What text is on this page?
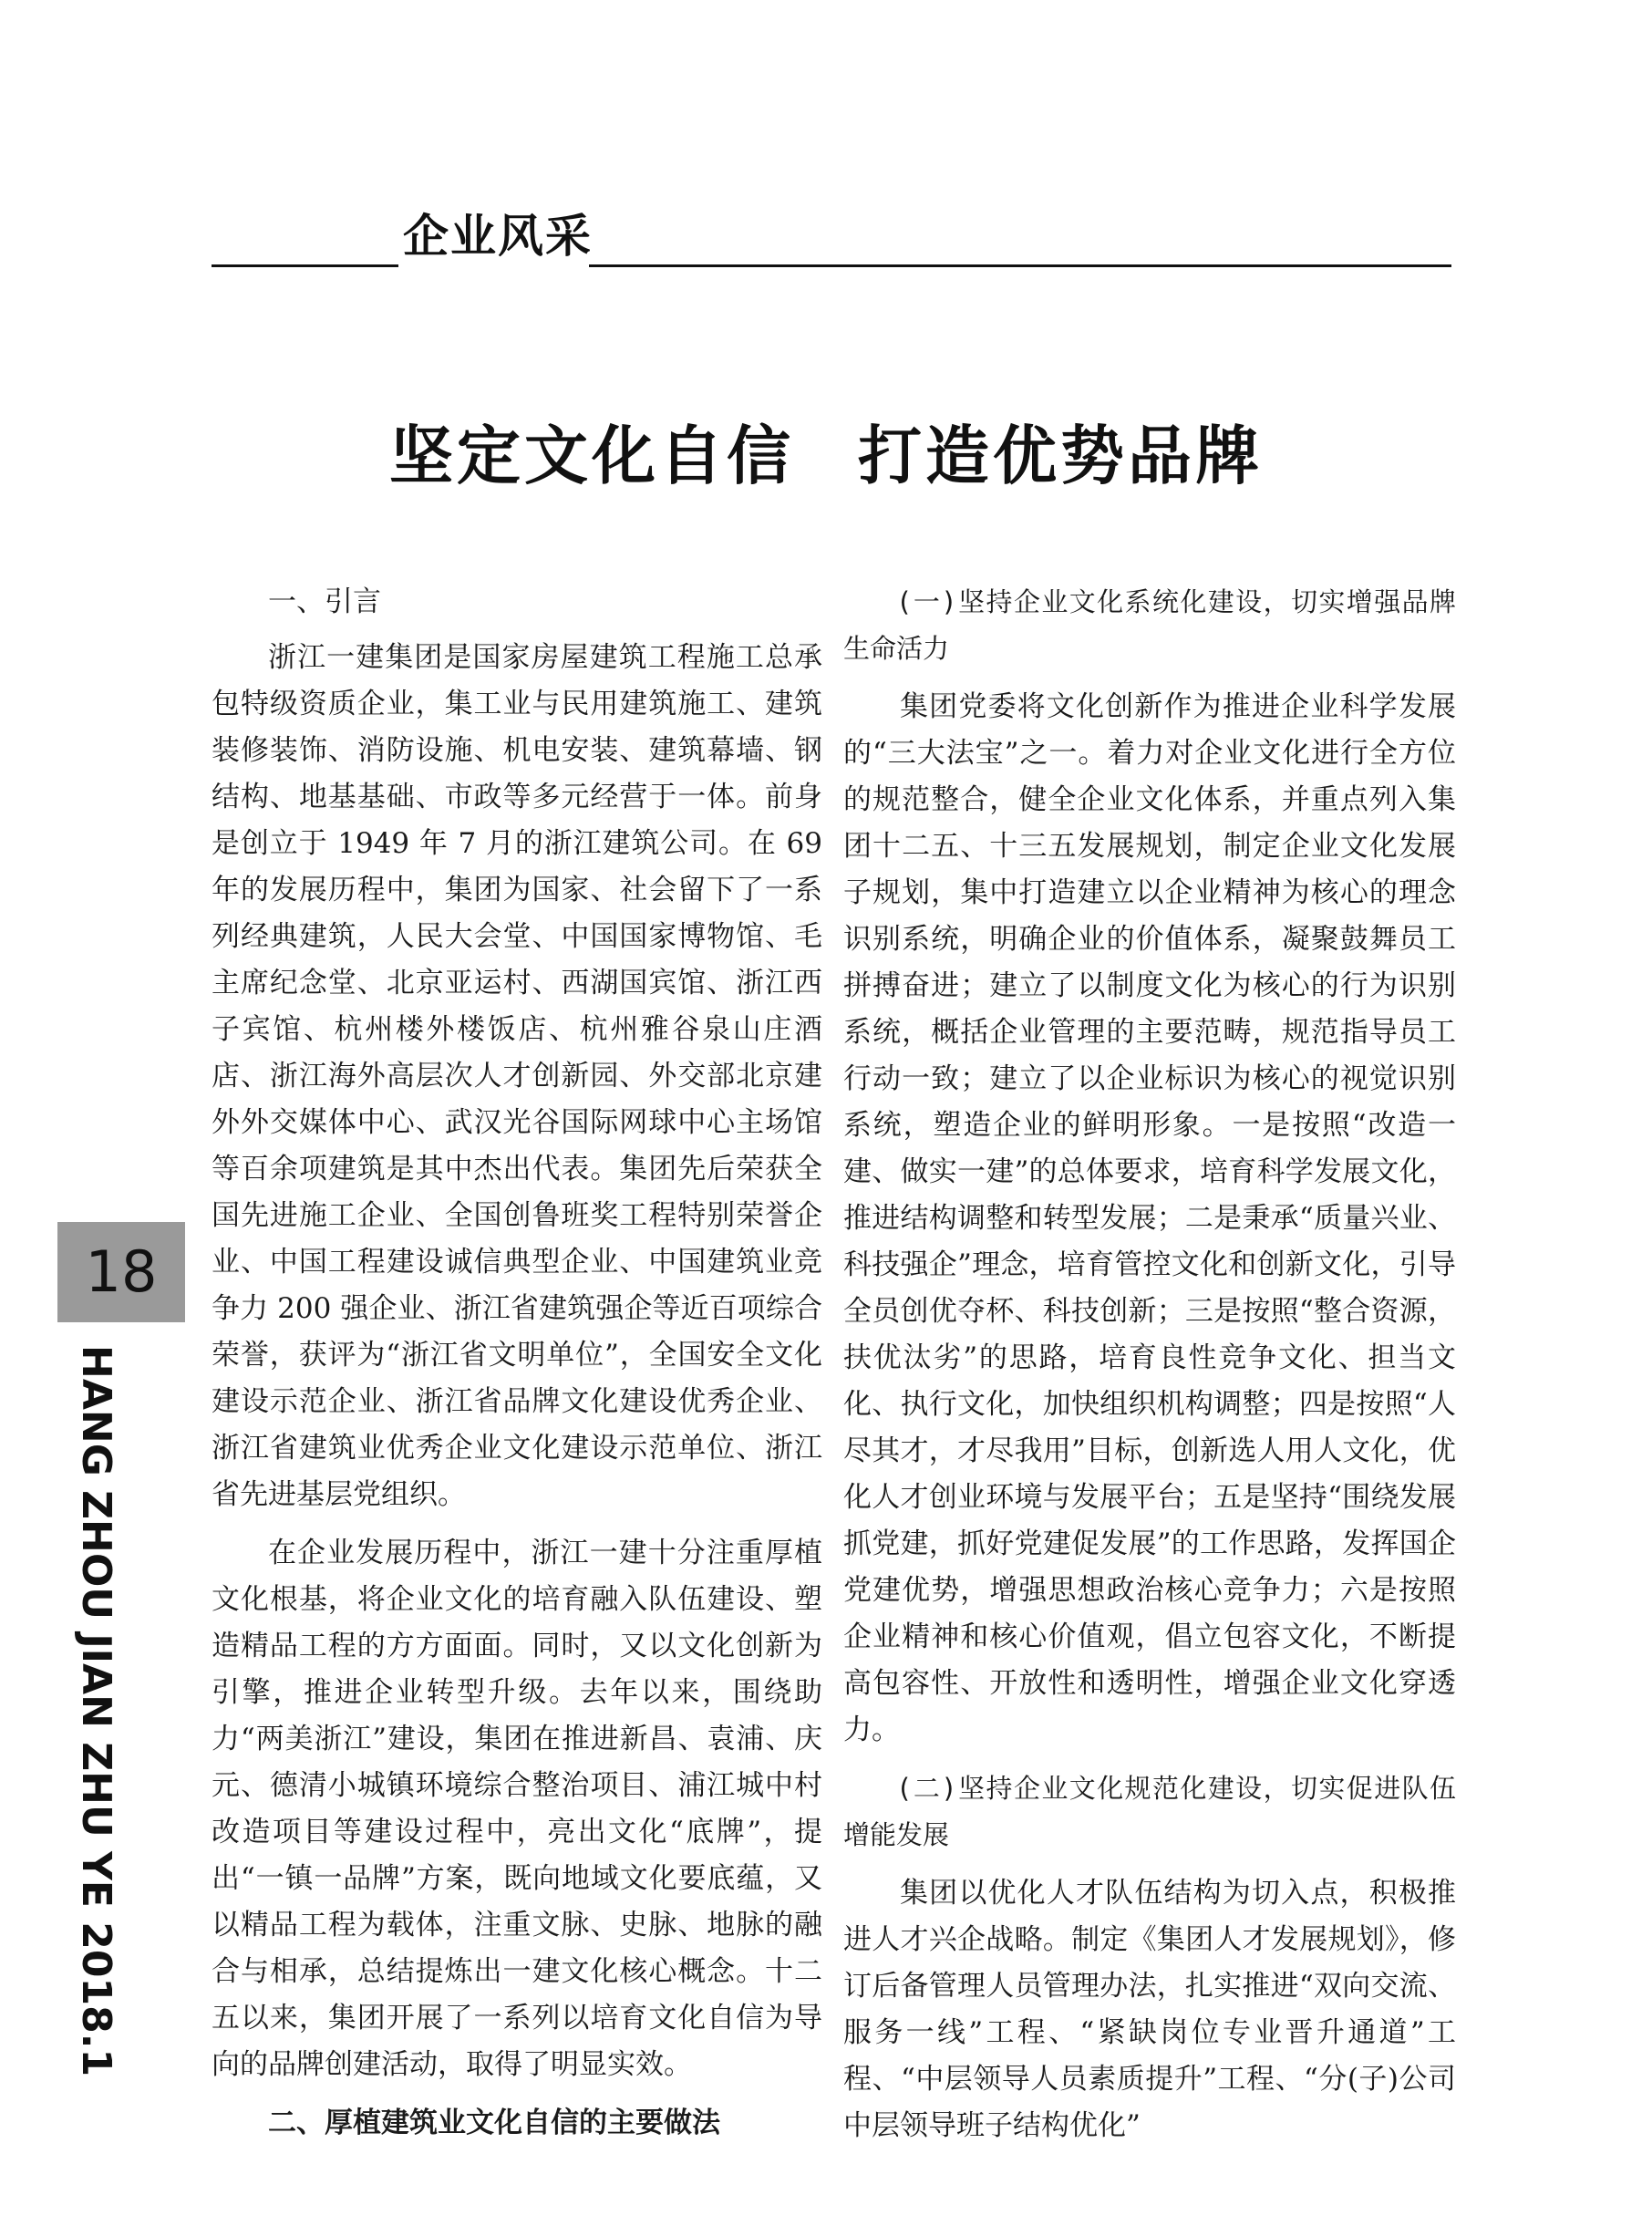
企业风采
坚定文化自信 打造优势品牌
一、引言

浙江一建集团是国家房屋建筑工程施工总承包特级资质企业，集工业与民用建筑施工、建筑装修装饰、消防设施、机电安装、建筑幕墙、钢结构、地基基础、市政等多元经营于一体。前身是创立于 1949 年 7 月的浙江建筑公司。在 69 年的发展历程中，集团为国家、社会留下了一系列经典建筑，人民大会堂、中国国家博物馆、毛主席纪念堂、北京亚运村、西湖国宾馆、浙江西子宾馆、杭州楼外楼饭店、杭州雅谷泉山庄酒店、浙江海外高层次人才创新园、外交部北京建外外交媒体中心、武汉光谷国际网球中心主场馆等百余项建筑是其中杰出代表。集团先后荣获全国先进施工企业、全国创鲁班奖工程特别荣誉企业、中国工程建设诚信典型企业、中国建筑业竞争力 200 强企业、浙江省建筑强企等近百项综合荣誉，获评为“浙江省文明单位”，全国安全文化建设示范企业、浙江省品牌文化建设优秀企业、浙江省建筑业优秀企业文化建设示范单位、浙江省先进基层党组织。

在企业发展历程中，浙江一建十分注重厚植文化根基，将企业文化的培育融入队伍建设、塑造精品工程的方方面面。同时，又以文化创新为引擎，推进企业转型升级。去年以来，围绕助力“两美浙江”建设，集团在推进新昌、袁浦、庆元、德清小城镇环境综合整治项目、浦江城中村改造项目等建设过程中，亮出文化“底牌”，提出“一镇一品牌”方案，既向地域文化要底蕴，又以精品工程为载体，注重文脉、史脉、地脉的融合与相承，总结提炼出一建文化核心概念。十二五以来，集团开展了一系列以培育文化自信为导向的品牌创建活动，取得了明显实效。

二、厚植建筑业文化自信的主要做法
(一)坚持企业文化系统化建设，切实增强品牌生命活力

集团党委将文化创新作为推进企业科学发展的“三大法宝”之一。着力对企业文化进行全方位的规范整合，健全企业文化体系，并重点列入集团十二五、十三五发展规划，制定企业文化发展子规划，集中打造建立以企业精神为核心的理念识别系统，明确企业的价值体系，凝聚鼓舞员工拼搏奋进；建立了以制度文化为核心的行为识别系统，概括企业管理的主要范畴，规范指导员工行动一致；建立了以企业标识为核心的视觉识别系统，塑造企业的鲜明形象。一是按照“改造一建、做实一建”的总体要求，培育科学发展文化，推进结构调整和转型发展；二是秉承“质量兴业、科技强企”理念，培育管控文化和创新文化，引导全员创优夺杯、科技创新；三是按照“整合资源，扶优汰劣”的思路，培育良性竞争文化、担当文化、执行文化，加快组织机构调整；四是按照“人尽其才，才尽我用”目标，创新选人用人文化，优化人才创业环境与发展平台；五是坚持“围绕发展抓党建，抓好党建促发展”的工作思路，发挥国企党建优势，增强思想政治核心竞争力；六是按照企业精神和核心价值观，倡立包容文化，不断提高包容性、开放性和透明性，增强企业文化穿透力。

(二)坚持企业文化规范化建设，切实促进队伍增能发展

集团以优化人才队伍结构为切入点，积极推进人才兴企战略。制定《集团人才发展规划》，修订后备管理人员管理办法，扎实推进“双向交流、服务一线”工程、“紧缺岗位专业晋升通道”工程、“中层领导人员素质提升”工程、“分(子)公司中层领导班子结构优化”

18
HANG ZHOU JIAN ZHU YE 2018.1
